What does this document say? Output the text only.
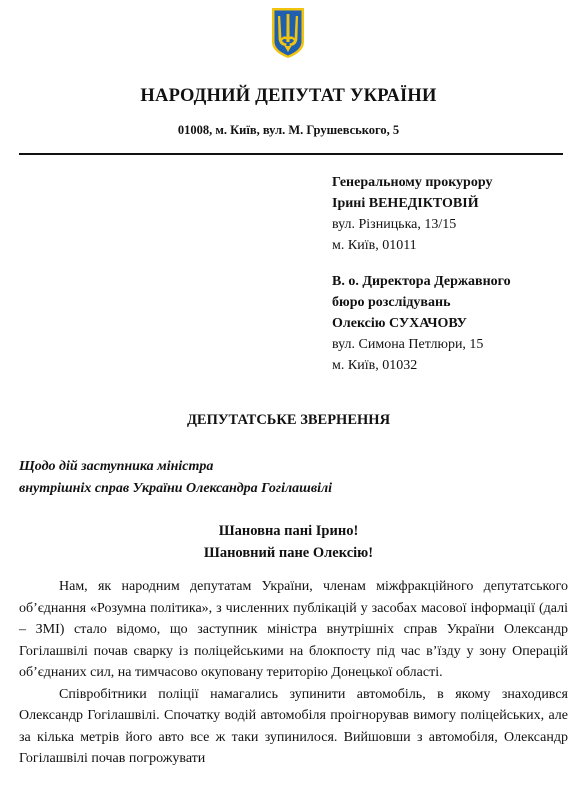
НАРОДНИЙ ДЕПУТАТ УКРАЇНИ
01008, м. Київ, вул. М. Грушевського, 5
Генеральному прокурору
Ірині ВЕНЕДІКТОВІЙ
вул. Різницька, 13/15
м. Київ, 01011
В. о. Директора Державного
бюро розслідувань
Олексію СУХАЧОВУ
вул. Симона Петлюри, 15
м. Київ, 01032
ДЕПУТАТСЬКЕ ЗВЕРНЕННЯ
Щодо дій заступника міністра
внутрішніх справ України Олександра Гогілашвілі
Шановна пані Ірино!
Шановний пане Олексію!

Нам, як народним депутатам України, членам міжфракційного депутатського об’єднання «Розумна політика», з численних публікацій у засобах масової інформації (далі – ЗМІ) стало відомо, що заступник міністра внутрішніх справ України Олександр Гогілашвілі почав сварку із поліцейськими на блокпосту під час в’їзду у зону Операцій об’єднаних сил, на тимчасово окуповану територію Донецької області.

Співробітники поліції намагались зупинити автомобіль, в якому знаходився Олександр Гогілашвілі. Спочатку водій автомобіля проігнорував вимогу поліцейських, але за кілька метрів його авто все ж таки зупинилося. Вийшовши з автомобіля, Олександр Гогілашвілі почав погрожувати
